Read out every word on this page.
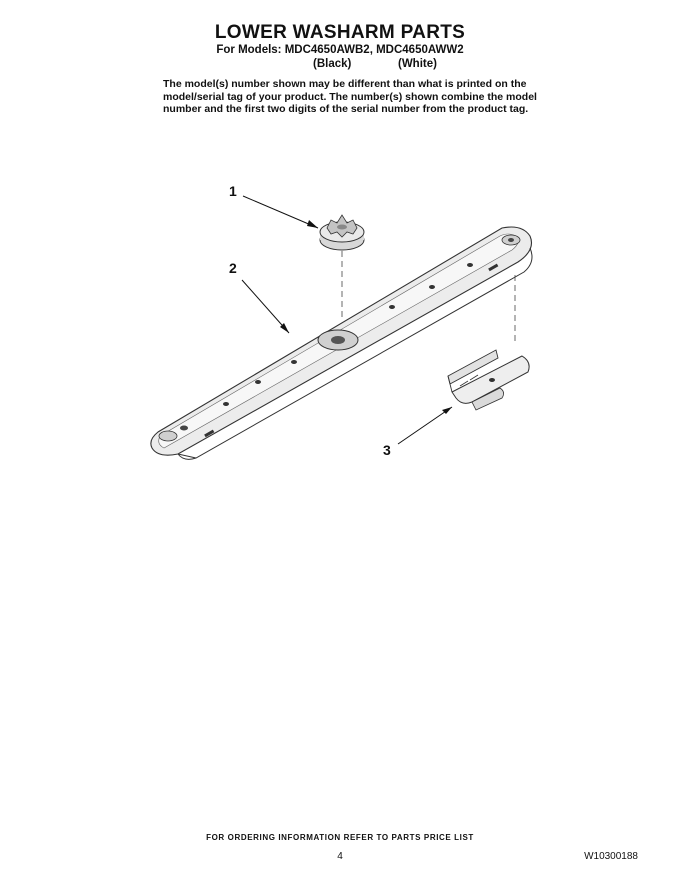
LOWER WASHARM PARTS
For Models: MDC4650AWB2, MDC4650AWW2
(Black)	(White)
The model(s) number shown may be different than what is printed on the
model/serial tag of your product. The number(s) shown combine the model
number and the first two digits of the serial number from the product tag.
1
2
3
FOR ORDERING INFORMATION REFER TO PARTS PRICE LIST
4	W10300188
